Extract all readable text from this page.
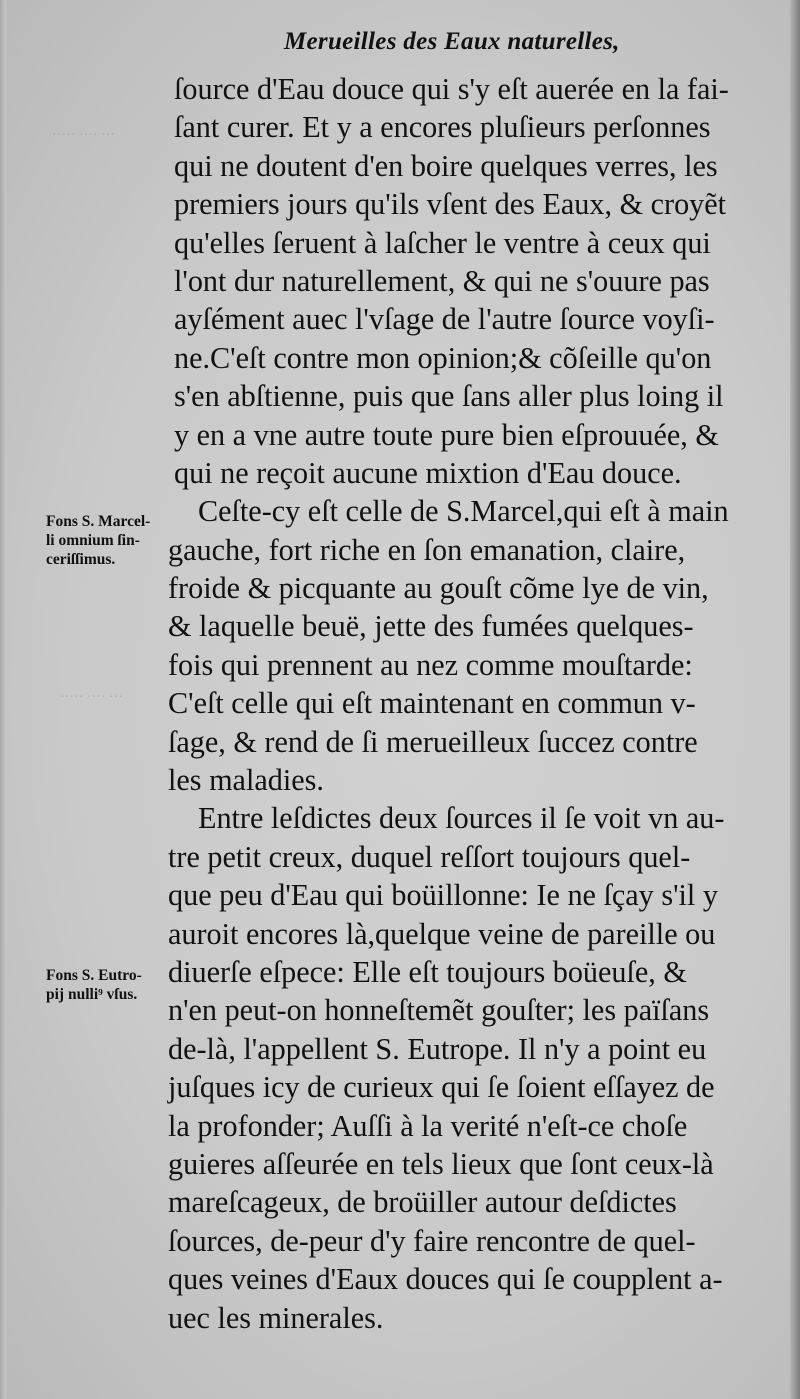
··· ···· ·····
··· ···· ·····
Merueilles des Eaux naturelles,
ſource d'Eau douce qui s'y eſt auerée en la fai-
ſant curer. Et y a encores pluſieurs perſonnes
qui ne doutent d'en boire quelques verres, les
premiers jours qu'ils vſent des Eaux, & croyẽt
qu'elles ſeruent à laſcher le ventre à ceux qui
l'ont dur naturellement, & qui ne s'ouure pas
ayſément auec l'vſage de l'autre ſource voyſi-
ne.C'eſt contre mon opinion;& cõſeille qu'on
s'en abſtienne, puis que ſans aller plus loing il
y en a vne autre toute pure bien eſprouuée, &
qui ne reçoit aucune mixtion d'Eau douce.
Ceſte-cy eſt celle de S.Marcel,qui eſt à main
gauche, fort riche en ſon emanation, claire,
froide & picquante au gouſt cõme lye de vin,
& laquelle beuë, jette des fumées quelques-
fois qui prennent au nez comme mouſtarde:
C'eſt celle qui eſt maintenant en commun v-
ſage, & rend de ſi merueilleux ſuccez contre
les maladies.
Entre leſdictes deux ſources il ſe voit vn au-
tre petit creux, duquel reſſort toujours quel-
que peu d'Eau qui boüillonne: Ie ne ſçay s'il y
auroit encores là,quelque veine de pareille ou
diuerſe eſpece: Elle eſt toujours boüeuſe, &
n'en peut-on honneſtemẽt gouſter; les païſans
de-là, l'appellent S. Eutrope. Il n'y a point eu
juſques icy de curieux qui ſe ſoient eſſayez de
la profonder; Auſſi à la verité n'eſt-ce choſe
guieres aſſeurée en tels lieux que ſont ceux-là
mareſcageux, de broüiller autour deſdictes
ſources, de-peur d'y faire rencontre de quel-
ques veines d'Eaux douces qui ſe coupplent a-
uec les minerales.
Fons S. Marcel-
li omnium ſin-
ceriſſimus.
Fons S. Eutro-
pij nulli⁹ vſus.
